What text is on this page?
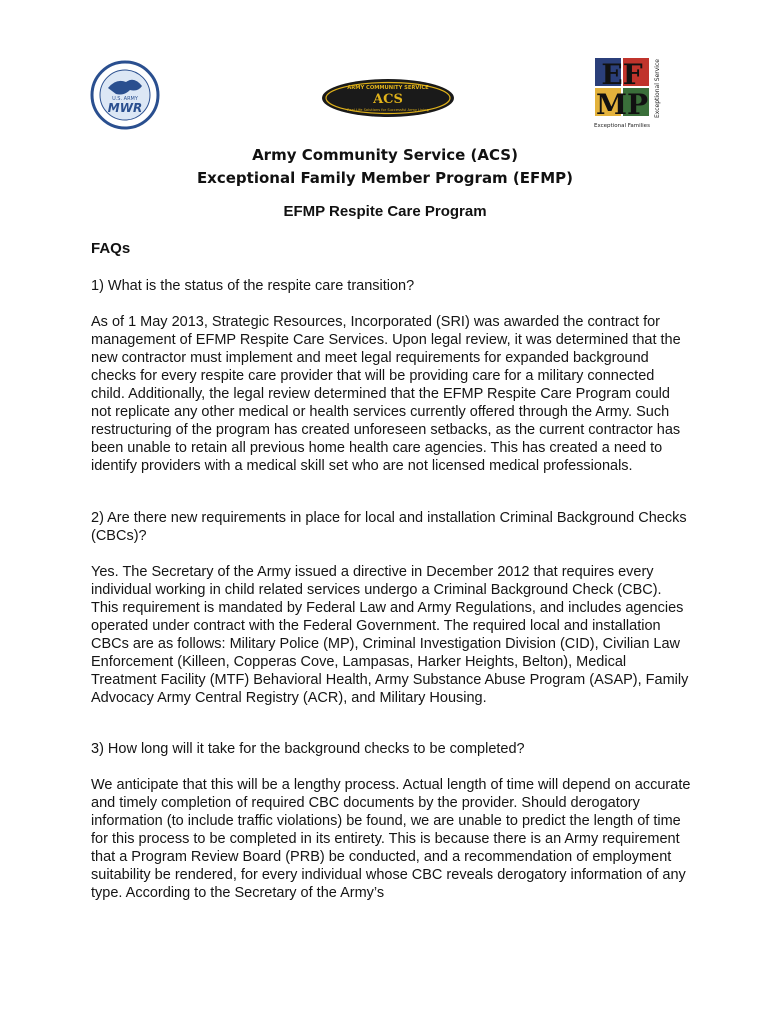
U.S. ARMY
MWR
ARMY COMMUNITY SERVICE
ACS
Real Life Solutions for Successful Army Living
EF
MP Exceptional Service
Exceptional Families
Army Community Service (ACS)
Exceptional Family Member Program (EFMP)
EFMP Respite Care Program
FAQs
1) What is the status of the respite care transition?
As of 1 May 2013, Strategic Resources, Incorporated (SRI) was awarded the contract for management of EFMP Respite Care Services. Upon legal review, it was determined that the new contractor must implement and meet legal requirements for expanded background checks for every respite care provider that will be providing care for a military connected child. Additionally, the legal review determined that the EFMP Respite Care Program could not replicate any other medical or health services currently offered through the Army. Such restructuring of the program has created unforeseen setbacks, as the current contractor has been unable to retain all previous home health care agencies. This has created a need to identify providers with a medical skill set who are not licensed medical professionals.
2) Are there new requirements in place for local and installation Criminal Background Checks (CBCs)?
Yes. The Secretary of the Army issued a directive in December 2012 that requires every individual working in child related services undergo a Criminal Background Check (CBC). This requirement is mandated by Federal Law and Army Regulations, and includes agencies operated under contract with the Federal Government. The required local and installation CBCs are as follows: Military Police (MP), Criminal Investigation Division (CID), Civilian Law Enforcement (Killeen, Copperas Cove, Lampasas, Harker Heights, Belton), Medical Treatment Facility (MTF) Behavioral Health, Army Substance Abuse Program (ASAP), Family Advocacy Army Central Registry (ACR), and Military Housing.
3) How long will it take for the background checks to be completed?
We anticipate that this will be a lengthy process. Actual length of time will depend on accurate and timely completion of required CBC documents by the provider. Should derogatory information (to include traffic violations) be found, we are unable to predict the length of time for this process to be completed in its entirety. This is because there is an Army requirement that a Program Review Board (PRB) be conducted, and a recommendation of employment suitability be rendered, for every individual whose CBC reveals derogatory information of any type. According to the Secretary of the Army’s
